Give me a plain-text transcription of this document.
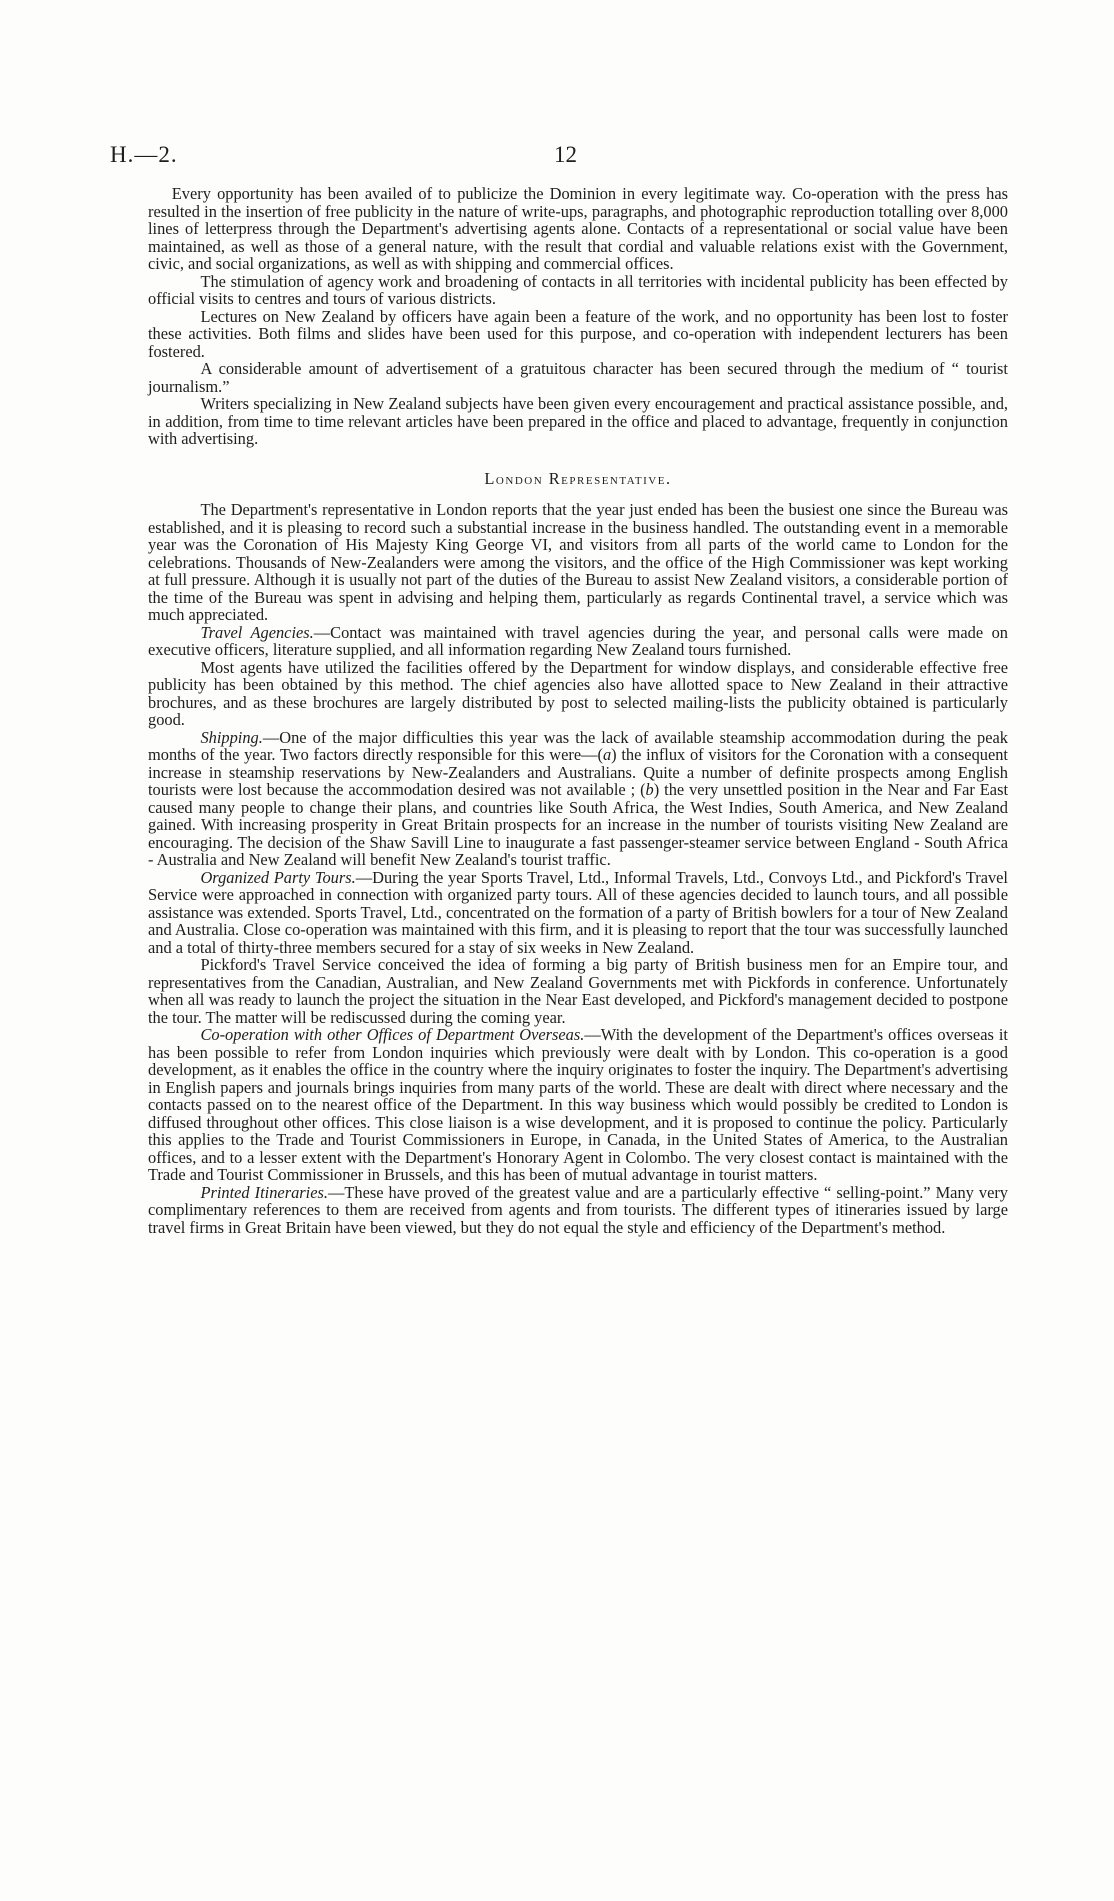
H.—2.	12

Every opportunity has been availed of to publicize the Dominion in every legitimate way. Co-operation with the press has resulted in the insertion of free publicity in the nature of write-ups, paragraphs, and photographic reproduction totalling over 8,000 lines of letterpress through the Department's advertising agents alone. Contacts of a representational or social value have been maintained, as well as those of a general nature, with the result that cordial and valuable relations exist with the Government, civic, and social organizations, as well as with shipping and commercial offices.

The stimulation of agency work and broadening of contacts in all territories with incidental publicity has been effected by official visits to centres and tours of various districts.

Lectures on New Zealand by officers have again been a feature of the work, and no opportunity has been lost to foster these activities. Both films and slides have been used for this purpose, and co-operation with independent lecturers has been fostered.

A considerable amount of advertisement of a gratuitous character has been secured through the medium of “ tourist journalism.”

Writers specializing in New Zealand subjects have been given every encouragement and practical assistance possible, and, in addition, from time to time relevant articles have been prepared in the office and placed to advantage, frequently in conjunction with advertising.

London Representative.

The Department's representative in London reports that the year just ended has been the busiest one since the Bureau was established, and it is pleasing to record such a substantial increase in the business handled. The outstanding event in a memorable year was the Coronation of His Majesty King George VI, and visitors from all parts of the world came to London for the celebrations. Thousands of New-Zealanders were among the visitors, and the office of the High Commissioner was kept working at full pressure. Although it is usually not part of the duties of the Bureau to assist New Zealand visitors, a considerable portion of the time of the Bureau was spent in advising and helping them, particularly as regards Continental travel, a service which was much appreciated.

Travel Agencies.—Contact was maintained with travel agencies during the year, and personal calls were made on executive officers, literature supplied, and all information regarding New Zealand tours furnished.

Most agents have utilized the facilities offered by the Department for window displays, and considerable effective free publicity has been obtained by this method. The chief agencies also have allotted space to New Zealand in their attractive brochures, and as these brochures are largely distributed by post to selected mailing-lists the publicity obtained is particularly good.

Shipping.—One of the major difficulties this year was the lack of available steamship accommodation during the peak months of the year. Two factors directly responsible for this were—(a) the influx of visitors for the Coronation with a consequent increase in steamship reservations by New-Zealanders and Australians. Quite a number of definite prospects among English tourists were lost because the accommodation desired was not available ; (b) the very unsettled position in the Near and Far East caused many people to change their plans, and countries like South Africa, the West Indies, South America, and New Zealand gained. With increasing prosperity in Great Britain prospects for an increase in the number of tourists visiting New Zealand are encouraging. The decision of the Shaw Savill Line to inaugurate a fast passenger-steamer service between England - South Africa - Australia and New Zealand will benefit New Zealand's tourist traffic.

Organized Party Tours.—During the year Sports Travel, Ltd., Informal Travels, Ltd., Convoys Ltd., and Pickford's Travel Service were approached in connection with organized party tours. All of these agencies decided to launch tours, and all possible assistance was extended. Sports Travel, Ltd., concentrated on the formation of a party of British bowlers for a tour of New Zealand and Australia. Close co-operation was maintained with this firm, and it is pleasing to report that the tour was successfully launched and a total of thirty-three members secured for a stay of six weeks in New Zealand.

Pickford's Travel Service conceived the idea of forming a big party of British business men for an Empire tour, and representatives from the Canadian, Australian, and New Zealand Governments met with Pickfords in conference. Unfortunately when all was ready to launch the project the situation in the Near East developed, and Pickford's management decided to postpone the tour. The matter will be rediscussed during the coming year.

Co-operation with other Offices of Department Overseas.—With the development of the Department's offices overseas it has been possible to refer from London inquiries which previously were dealt with by London. This co-operation is a good development, as it enables the office in the country where the inquiry originates to foster the inquiry. The Department's advertising in English papers and journals brings inquiries from many parts of the world. These are dealt with direct where necessary and the contacts passed on to the nearest office of the Department. In this way business which would possibly be credited to London is diffused throughout other offices. This close liaison is a wise development, and it is proposed to continue the policy. Particularly this applies to the Trade and Tourist Commissioners in Europe, in Canada, in the United States of America, to the Australian offices, and to a lesser extent with the Department's Honorary Agent in Colombo. The very closest contact is maintained with the Trade and Tourist Commissioner in Brussels, and this has been of mutual advantage in tourist matters.

Printed Itineraries.—These have proved of the greatest value and are a particularly effective “ selling-point.” Many very complimentary references to them are received from agents and from tourists. The different types of itineraries issued by large travel firms in Great Britain have been viewed, but they do not equal the style and efficiency of the Department's method.
